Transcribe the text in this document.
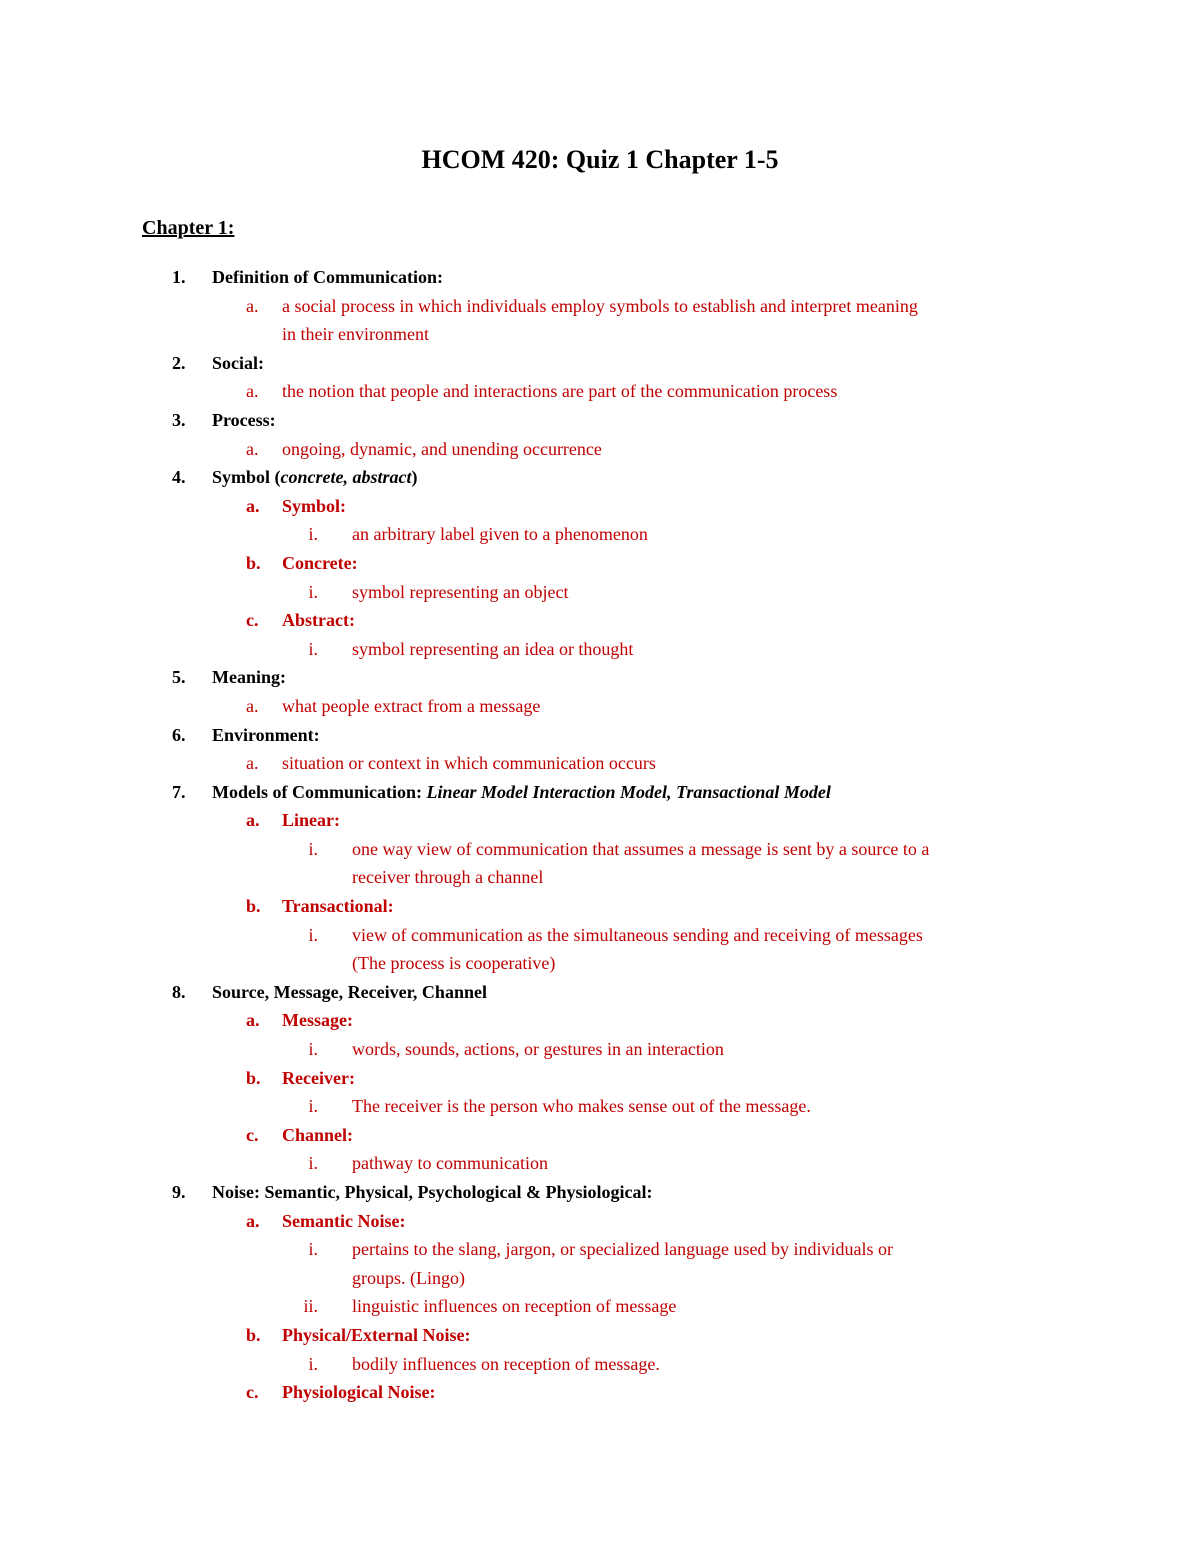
HCOM 420: Quiz 1 Chapter 1-5
Chapter 1:
1. Definition of Communication:
a. a social process in which individuals employ symbols to establish and interpret meaning
in their environment
2. Social:
a. the notion that people and interactions are part of the communication process
3. Process:
a. ongoing, dynamic, and unending occurrence
4. Symbol (concrete, abstract)
a. Symbol:
i. an arbitrary label given to a phenomenon
b. Concrete:
i. symbol representing an object
c. Abstract:
i. symbol representing an idea or thought
5. Meaning:
a. what people extract from a message
6. Environment:
a. situation or context in which communication occurs
7. Models of Communication: Linear Model Interaction Model, Transactional Model
a. Linear:
i. one way view of communication that assumes a message is sent by a source to a
receiver through a channel
b. Transactional:
i. view of communication as the simultaneous sending and receiving of messages
(The process is cooperative)
8. Source, Message, Receiver, Channel
a. Message:
i. words, sounds, actions, or gestures in an interaction
b. Receiver:
i. The receiver is the person who makes sense out of the message.
c. Channel:
i. pathway to communication
9. Noise: Semantic, Physical, Psychological & Physiological:
a. Semantic Noise:
i. pertains to the slang, jargon, or specialized language used by individuals or
groups. (Lingo)
ii. linguistic influences on reception of message
b. Physical/External Noise:
i. bodily influences on reception of message.
c. Physiological Noise:
